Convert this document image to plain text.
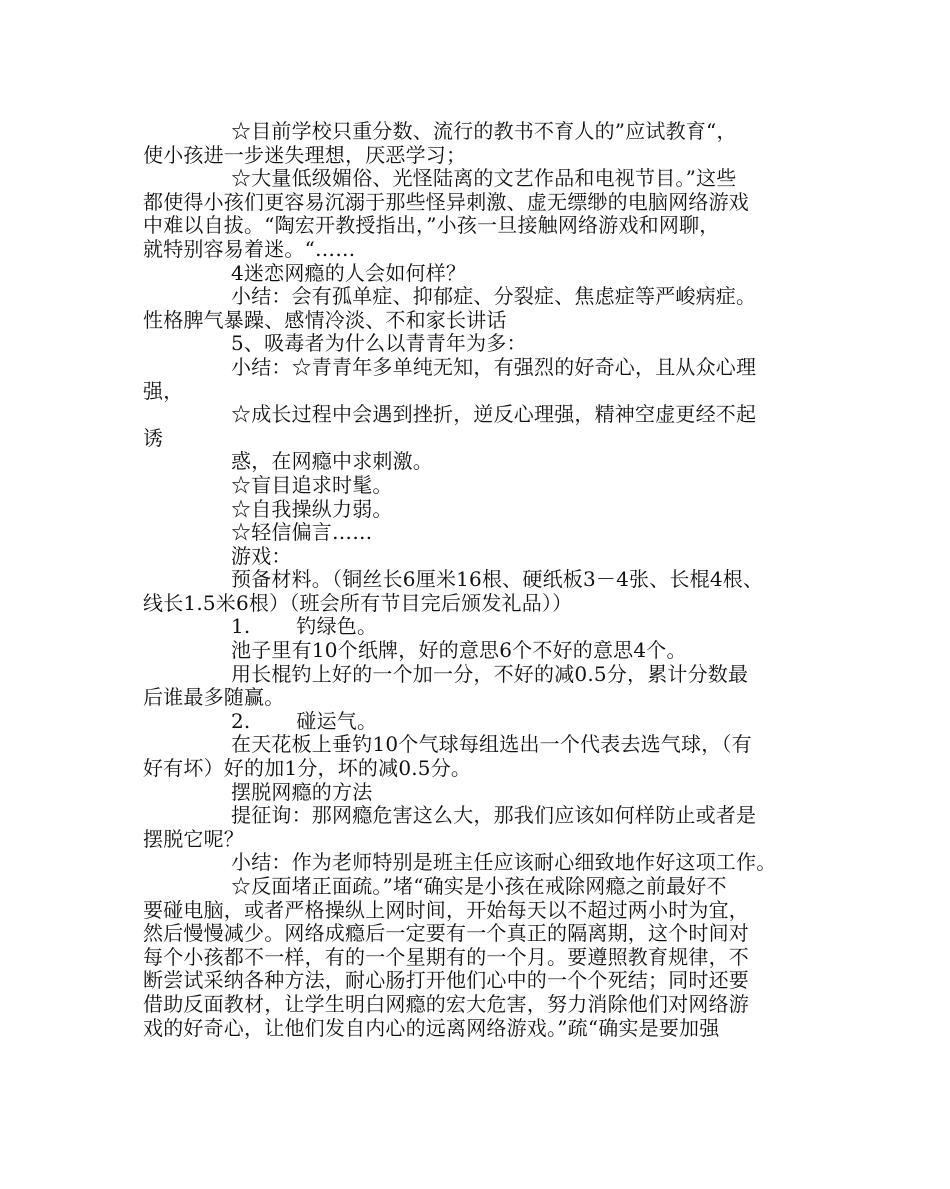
☆目前学校只重分数、流行的教书不育人的”应试教育“，
使小孩进一步迷失理想，厌恶学习；
☆大量低级媚俗、光怪陆离的文艺作品和电视节目。”这些
都使得小孩们更容易沉溺于那些怪异刺激、虚无缥缈的电脑网络游戏
中难以自拔。“陶宏开教授指出，”小孩一旦接触网络游戏和网聊，
就特别容易着迷。“……
4迷恋网瘾的人会如何样？
小结：会有孤单症、抑郁症、分裂症、焦虑症等严峻病症。
性格脾气暴躁、感情冷淡、不和家长讲话
5、吸毒者为什么以青青年为多：
小结：☆青青年多单纯无知，有强烈的好奇心，且从众心理
强，
☆成长过程中会遇到挫折，逆反心理强，精神空虚更经不起
诱
惑，在网瘾中求刺激。
☆盲目追求时髦。
☆自我操纵力弱。
☆轻信偏言……
游戏：
预备材料。（铜丝长6厘米16根、硬纸板3－4张、长棍4根、
线长1.5米6根）（班会所有节目完后颁发礼品））
1.       钓绿色。
池子里有10个纸牌，好的意思6个不好的意思4个。
用长棍钓上好的一个加一分，不好的减0.5分，累计分数最
后谁最多随赢。
2.       碰运气。
在天花板上垂钓10个气球每组选出一个代表去选气球，（有
好有坏）好的加1分，坏的减0.5分。
摆脱网瘾的方法
提征询：那网瘾危害这么大，那我们应该如何样防止或者是
摆脱它呢？
小结：作为老师特别是班主任应该耐心细致地作好这项工作。
☆反面堵正面疏。”堵“确实是小孩在戒除网瘾之前最好不
要碰电脑，或者严格操纵上网时间，开始每天以不超过两小时为宜，
然后慢慢减少。网络成瘾后一定要有一个真正的隔离期，这个时间对
每个小孩都不一样，有的一个星期有的一个月。要遵照教育规律，不
断尝试采纳各种方法，耐心肠打开他们心中的一个个死结；同时还要
借助反面教材，让学生明白网瘾的宏大危害，努力消除他们对网络游
戏的好奇心，让他们发自内心的远离网络游戏。”疏“确实是要加强
